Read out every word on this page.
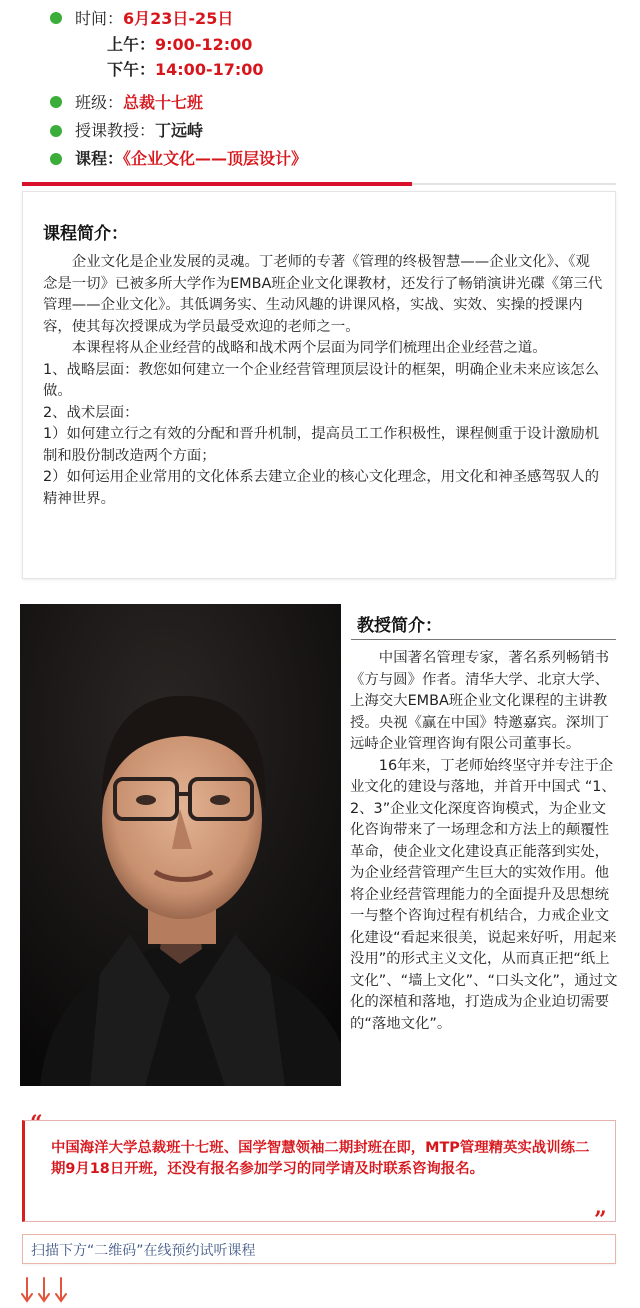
时间：6月23日-25日
上午：9:00-12:00
下午：14:00-17:00
班级：总裁十七班
授课教授：丁远峙
课程：《企业文化——顶层设计》
课程简介：

企业文化是企业发展的灵魂。丁老师的专著《管理的终极智慧——企业文化》、《观念是一切》已被多所大学作为EMBA班企业文化课教材，还发行了畅销演讲光碟《第三代管理——企业文化》。其低调务实、生动风趣的讲课风格，实战、实效、实操的授课内容，使其每次授课成为学员最受欢迎的老师之一。

本课程将从企业经营的战略和战术两个层面为同学们梳理出企业经营之道。

1、战略层面：教您如何建立一个企业经营管理顶层设计的框架，明确企业未来应该怎么做。

2、战术层面：

1）如何建立行之有效的分配和晋升机制，提高员工工作积极性，课程侧重于设计激励机制和股份制改造两个方面；

2）如何运用企业常用的文化体系去建立企业的核心文化理念，用文化和神圣感驾驭人的精神世界。

教授简介：

中国著名管理专家，著名系列畅销书《方与圆》作者。清华大学、北京大学、上海交大EMBA班企业文化课程的主讲教授。央视《赢在中国》特邀嘉宾。深圳丁远峙企业管理咨询有限公司董事长。

16年来，丁老师始终坚守并专注于企业文化的建设与落地，并首开中国式 “1、2、3”企业文化深度咨询模式，为企业文化咨询带来了一场理念和方法上的颠覆性革命，使企业文化建设真正能落到实处，为企业经营管理产生巨大的实效作用。他将企业经营管理能力的全面提升及思想统一与整个咨询过程有机结合，力戒企业文化建设“看起来很美，说起来好听，用起来没用”的形式主义文化，从而真正把“纸上文化”、“墙上文化”、“口头文化”，通过文化的深植和落地，打造成为企业迫切需要的“落地文化”。

“
中国海洋大学总裁班十七班、国学智慧领袖二期封班在即，MTP管理精英实战训练二期9月18日开班，还没有报名参加学习的同学请及时联系咨询报名。
”
扫描下方“二维码”在线预约试听课程
